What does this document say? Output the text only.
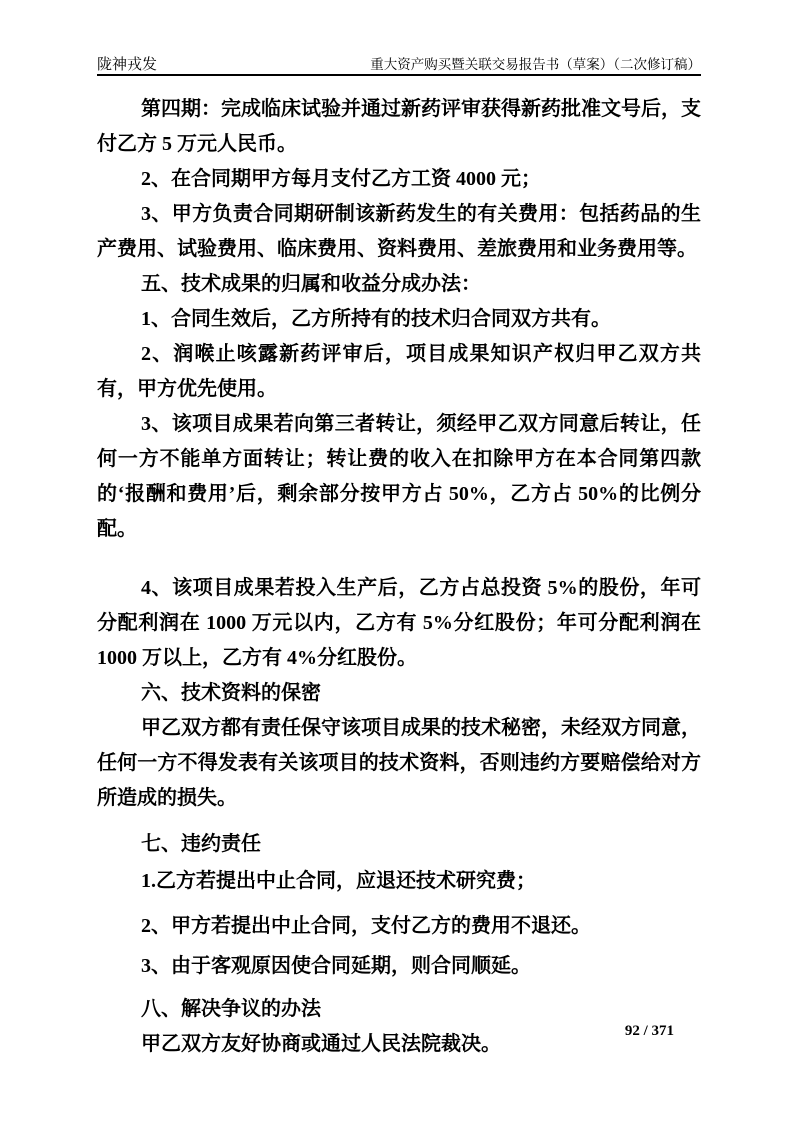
陇神戎发	重大资产购买暨关联交易报告书（草案）（二次修订稿）

第四期：完成临床试验并通过新药评审获得新药批准文号后，支付乙方 5 万元人民币。

2、在合同期甲方每月支付乙方工资 4000 元；

3、甲方负责合同期研制该新药发生的有关费用：包括药品的生产费用、试验费用、临床费用、资料费用、差旅费用和业务费用等。

五、技术成果的归属和收益分成办法：

1、合同生效后，乙方所持有的技术归合同双方共有。

2、润喉止咳露新药评审后，项目成果知识产权归甲乙双方共有，甲方优先使用。

3、该项目成果若向第三者转让，须经甲乙双方同意后转让，任何一方不能单方面转让；转让费的收入在扣除甲方在本合同第四款的‘报酬和费用’后，剩余部分按甲方占 50%，乙方占 50%的比例分配。

4、该项目成果若投入生产后，乙方占总投资 5%的股份，年可分配利润在 1000 万元以内，乙方有 5%分红股份；年可分配利润在 1000 万以上，乙方有 4%分红股份。

六、技术资料的保密

甲乙双方都有责任保守该项目成果的技术秘密，未经双方同意，任何一方不得发表有关该项目的技术资料，否则违约方要赔偿给对方所造成的损失。

七、违约责任

1.乙方若提出中止合同，应退还技术研究费；

2、甲方若提出中止合同，支付乙方的费用不退还。

3、由于客观原因使合同延期，则合同顺延。

八、解决争议的办法

甲乙双方友好协商或通过人民法院裁决。

92 / 371
